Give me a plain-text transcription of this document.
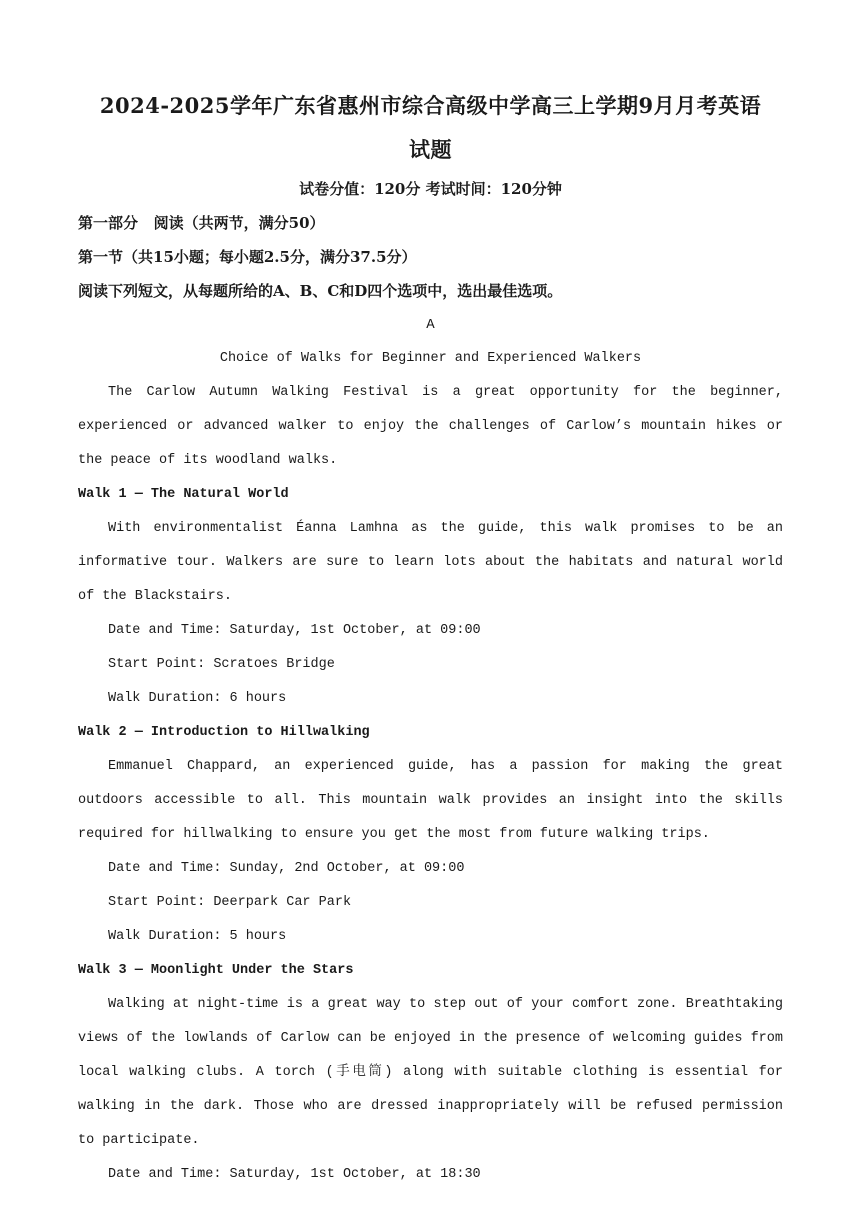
2024-2025学年广东省惠州市综合高级中学高三上学期9月月考英语
试题

试卷分值：120分 考试时间：120分钟

第一部分   阅读（共两节，满分50）

第一节（共15小题；每小题2.5分，满分37.5分）

阅读下列短文，从每题所给的A、B、C和D四个选项中，选出最佳选项。

A

Choice of Walks for Beginner and Experienced Walkers

The Carlow Autumn Walking Festival is a great opportunity for the beginner, experienced or advanced walker to enjoy the challenges of Carlow’s mountain hikes or the peace of its woodland walks.

Walk 1 — The Natural World

With environmentalist Éanna Lamhna as the guide, this walk promises to be an informative tour. Walkers are sure to learn lots about the habitats and natural world of the Blackstairs.

Date and Time: Saturday, 1st October, at 09:00

Start Point: Scratoes Bridge

Walk Duration: 6 hours

Walk 2 — Introduction to Hillwalking

Emmanuel Chappard, an experienced guide, has a passion for making the great outdoors accessible to all. This mountain walk provides an insight into the skills required for hillwalking to ensure you get the most from future walking trips.

Date and Time: Sunday, 2nd October, at 09:00

Start Point: Deerpark Car Park

Walk Duration: 5 hours

Walk 3 — Moonlight Under the Stars

Walking at night-time is a great way to step out of your comfort zone. Breathtaking views of the lowlands of Carlow can be enjoyed in the presence of welcoming guides from local walking clubs. A torch (手电筒) along with suitable clothing is essential for walking in the dark. Those who are dressed inappropriately will be refused permission to participate.

Date and Time: Saturday, 1st October, at 18:30
